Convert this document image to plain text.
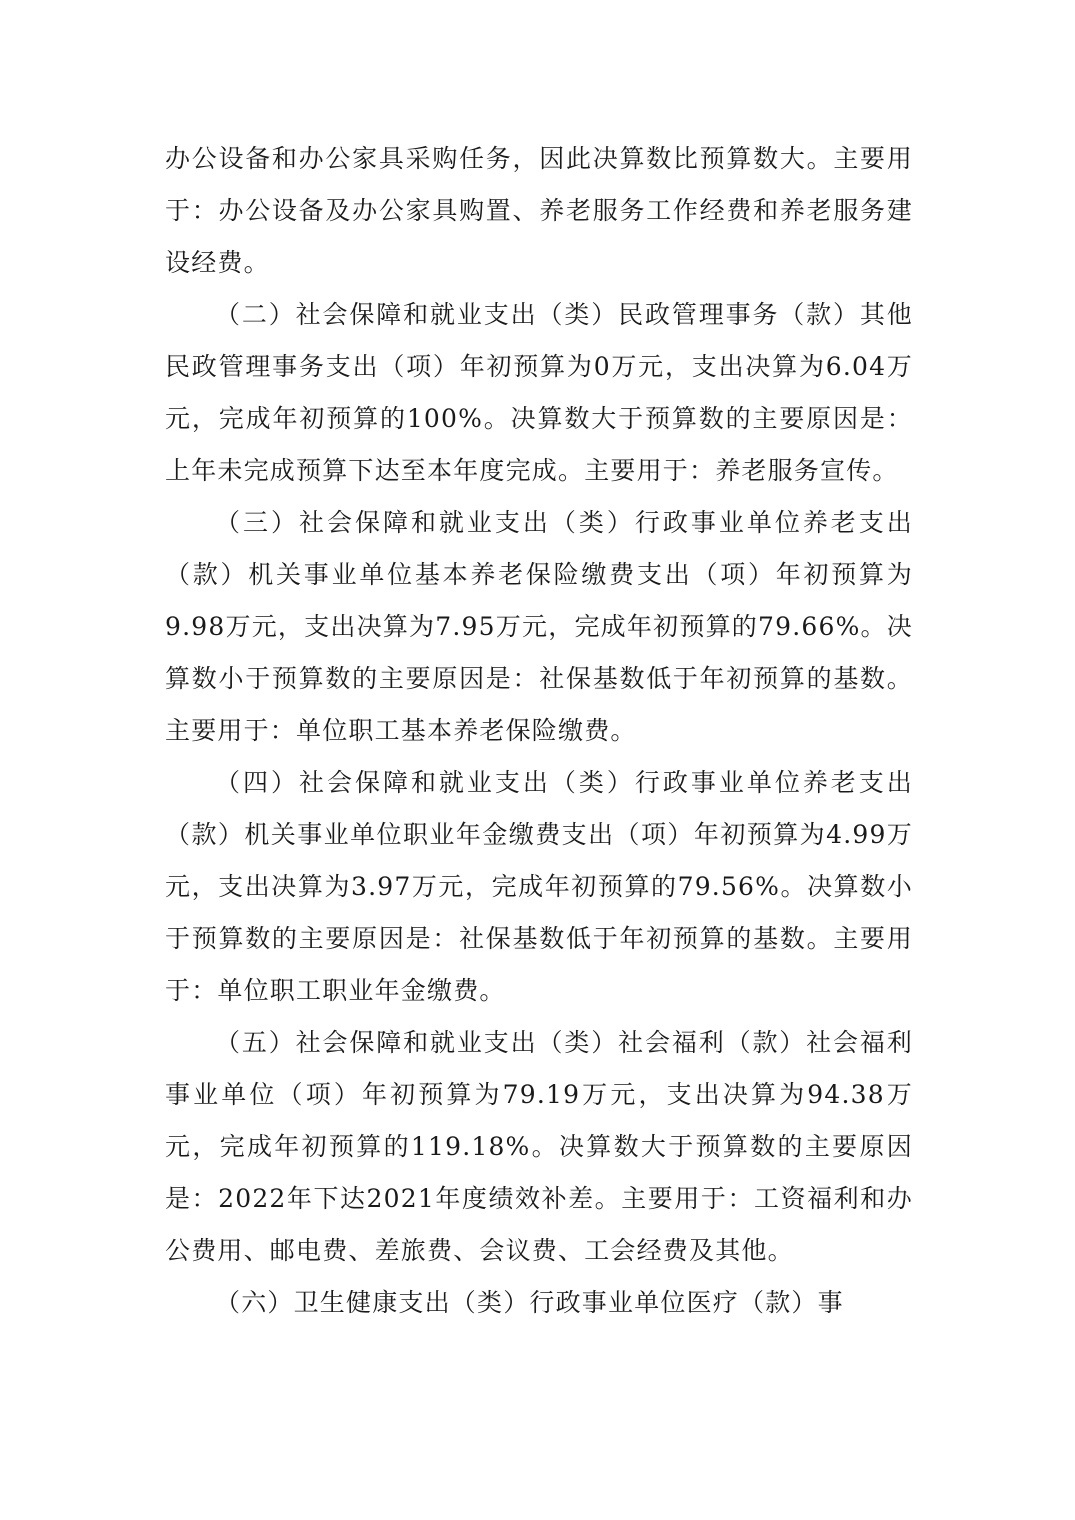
办公设备和办公家具采购任务，因此决算数比预算数大。主要用于：办公设备及办公家具购置、养老服务工作经费和养老服务建设经费。

（二）社会保障和就业支出（类）民政管理事务（款）其他民政管理事务支出（项）年初预算为0万元，支出决算为6.04万元，完成年初预算的100%。决算数大于预算数的主要原因是：上年未完成预算下达至本年度完成。主要用于：养老服务宣传。

（三）社会保障和就业支出（类）行政事业单位养老支出（款）机关事业单位基本养老保险缴费支出（项）年初预算为9.98万元，支出决算为7.95万元，完成年初预算的79.66%。决算数小于预算数的主要原因是：社保基数低于年初预算的基数。主要用于：单位职工基本养老保险缴费。

（四）社会保障和就业支出（类）行政事业单位养老支出（款）机关事业单位职业年金缴费支出（项）年初预算为4.99万元，支出决算为3.97万元，完成年初预算的79.56%。决算数小于预算数的主要原因是：社保基数低于年初预算的基数。主要用于：单位职工职业年金缴费。

（五）社会保障和就业支出（类）社会福利（款）社会福利事业单位（项）年初预算为79.19万元，支出决算为94.38万元，完成年初预算的119.18%。决算数大于预算数的主要原因是：2022年下达2021年度绩效补差。主要用于：工资福利和办公费用、邮电费、差旅费、会议费、工会经费及其他。

（六）卫生健康支出（类）行政事业单位医疗（款）事
